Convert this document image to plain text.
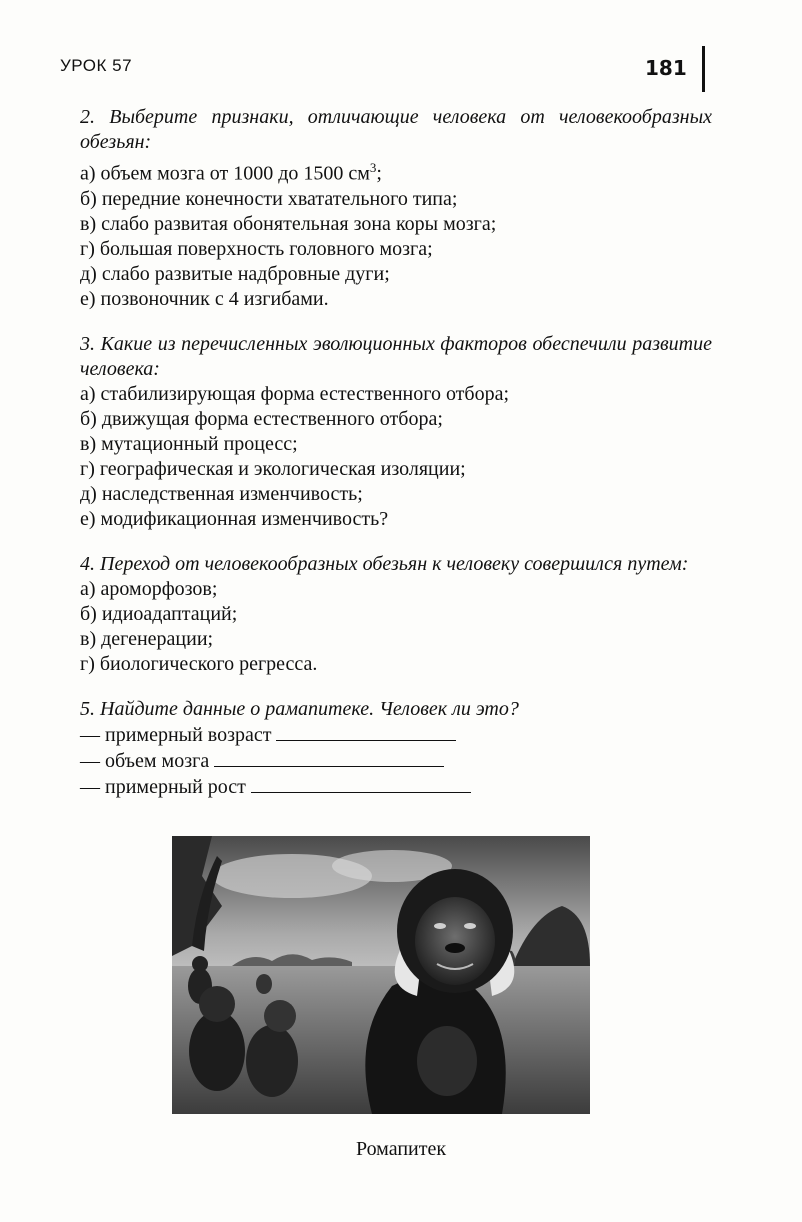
УРОК 57	181
2. Выберите признаки, отличающие человека от человекообразных обезьян:
а) объем мозга от 1000 до 1500 $см^3$;
б) передние конечности хватательного типа;
в) слабо развитая обонятельная зона коры мозга;
г) большая поверхность головного мозга;
д) слабо развитые надбровные дуги;
е) позвоночник с 4 изгибами.
3. Какие из перечисленных эволюционных факторов обеспечили развитие человека:
а) стабилизирующая форма естественного отбора;
б) движущая форма естественного отбора;
в) мутационный процесс;
г) географическая и экологическая изоляции;
д) наследственная изменчивость;
е) модификационная изменчивость?
4. Переход от человекообразных обезьян к человеку совершился путем:
а) ароморфозов;
б) идиоадаптаций;
в) дегенерации;
г) биологического регресса.
5. Найдите данные о рамапитеке. Человек ли это?
— примерный возраст
— объем мозга
— примерный рост
Ромапитек
